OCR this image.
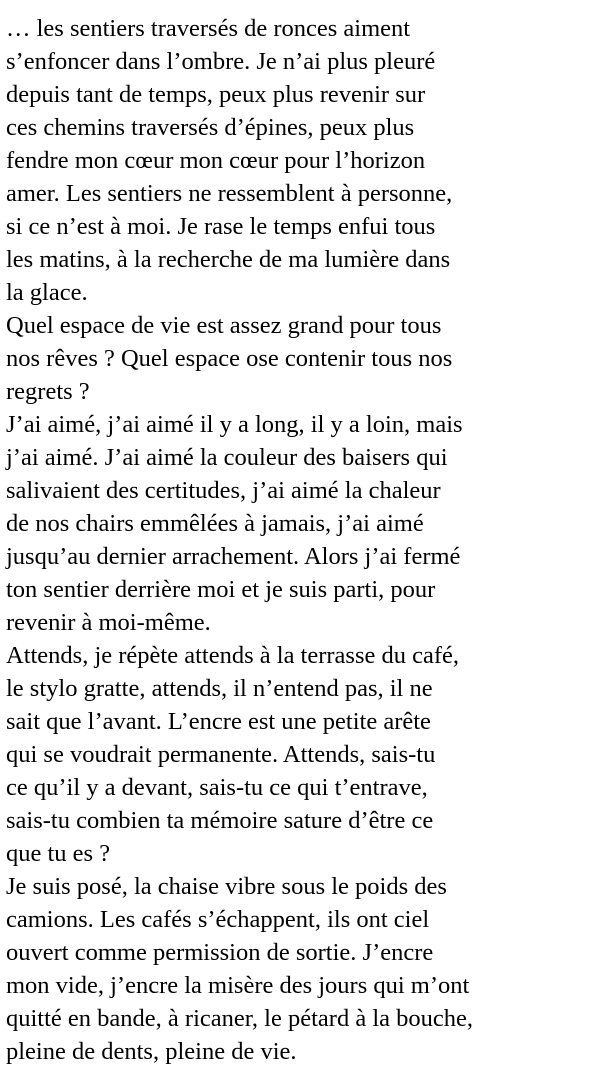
… les sentiers traversés de ronces aiment
s’enfoncer dans l’ombre. Je n’ai plus pleuré
depuis tant de temps, peux plus revenir sur
ces chemins traversés d’épines, peux plus
fendre mon cœur mon cœur pour l’horizon
amer. Les sentiers ne ressemblent à personne,
si ce n’est à moi. Je rase le temps enfui tous
les matins, à la recherche de ma lumière dans
la glace.

Quel espace de vie est assez grand pour tous
nos rêves ? Quel espace ose contenir tous nos
regrets ?

J’ai aimé, j’ai aimé il y a long, il y a loin, mais
j’ai aimé. J’ai aimé la couleur des baisers qui
salivaient des certitudes, j’ai aimé la chaleur
de nos chairs emmêlées à jamais, j’ai aimé
jusqu’au dernier arrachement. Alors j’ai fermé
ton sentier derrière moi et je suis parti, pour
revenir à moi-même.

Attends, je répète attends à la terrasse du café,
le stylo gratte, attends, il n’entend pas, il ne
sait que l’avant. L’encre est une petite arête
qui se voudrait permanente. Attends, sais-tu
ce qu’il y a devant, sais-tu ce qui t’entrave,
sais-tu combien ta mémoire sature d’être ce
que tu es ?

Je suis posé, la chaise vibre sous le poids des
camions. Les cafés s’échappent, ils ont ciel
ouvert comme permission de sortie. J’encre
mon vide, j’encre la misère des jours qui m’ont
quitté en bande, à ricaner, le pétard à la bouche,
pleine de dents, pleine de vie.
